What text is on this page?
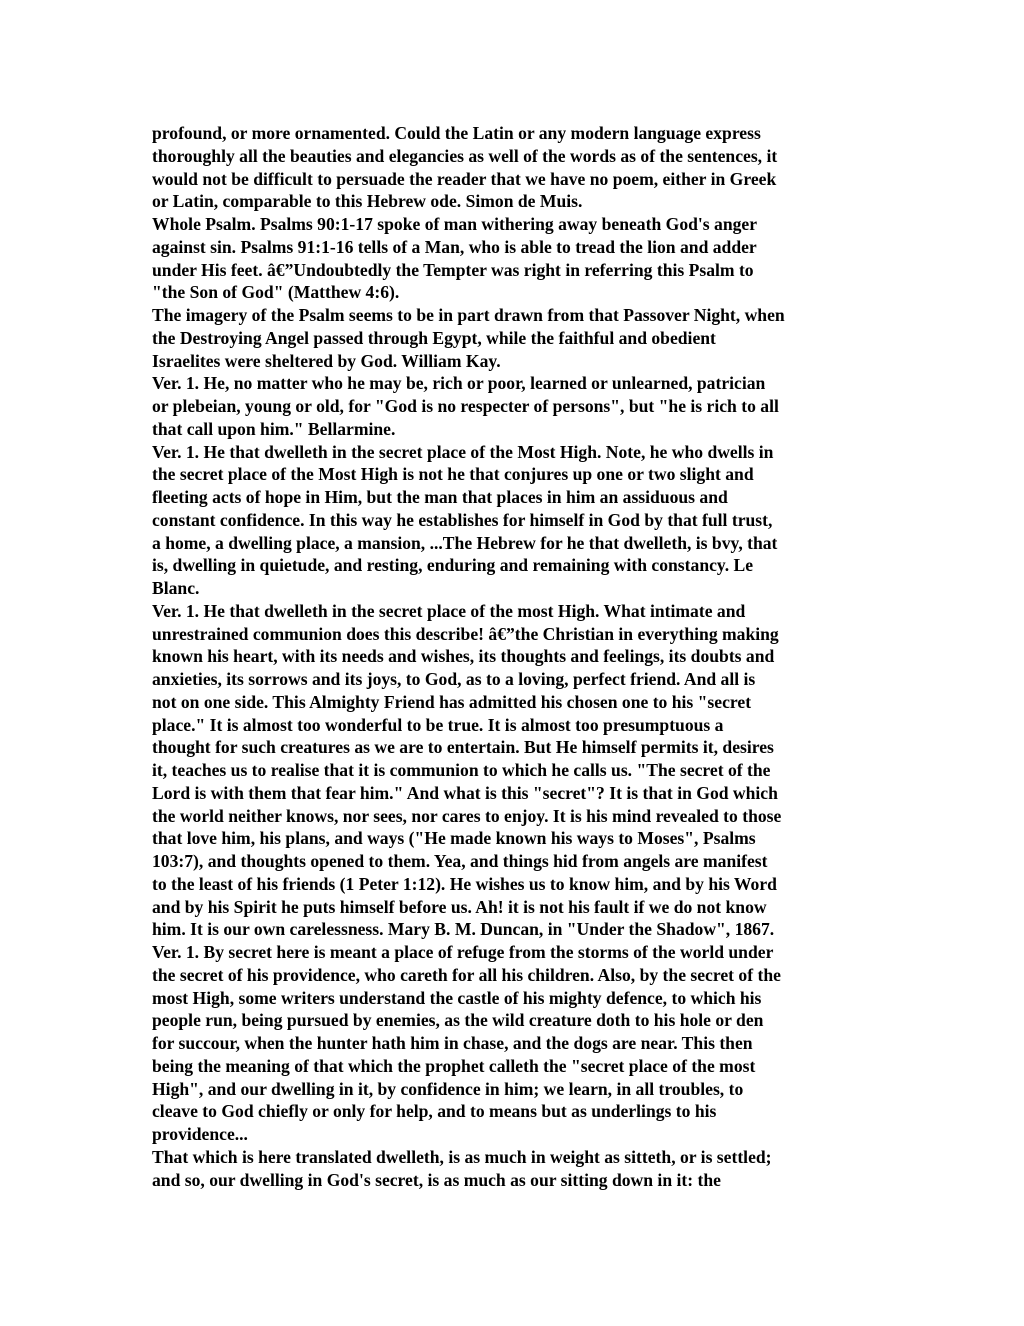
profound, or more ornamented. Could the Latin or any modern language express
thoroughly all the beauties and elegancies as well of the words as of the sentences, it
would not be difficult to persuade the reader that we have no poem, either in Greek
or Latin, comparable to this Hebrew ode. Simon de Muis.
Whole Psalm. Psalms 90:1-17 spoke of man withering away beneath God's anger
against sin. Psalms 91:1-16 tells of a Man, who is able to tread the lion and adder
under His feet. â€”Undoubtedly the Tempter was right in referring this Psalm to
"the Son of God" (Matthew 4:6).
The imagery of the Psalm seems to be in part drawn from that Passover Night, when
the Destroying Angel passed through Egypt, while the faithful and obedient
Israelites were sheltered by God. William Kay.
Ver. 1. He, no matter who he may be, rich or poor, learned or unlearned, patrician
or plebeian, young or old, for "God is no respecter of persons", but "he is rich to all
that call upon him." Bellarmine.
Ver. 1. He that dwelleth in the secret place of the Most High. Note, he who dwells in
the secret place of the Most High is not he that conjures up one or two slight and
fleeting acts of hope in Him, but the man that places in him an assiduous and
constant confidence. In this way he establishes for himself in God by that full trust,
a home, a dwelling place, a mansion, ...The Hebrew for he that dwelleth, is bvy, that
is, dwelling in quietude, and resting, enduring and remaining with constancy. Le
Blanc.
Ver. 1. He that dwelleth in the secret place of the most High. What intimate and
unrestrained communion does this describe! â€”the Christian in everything making
known his heart, with its needs and wishes, its thoughts and feelings, its doubts and
anxieties, its sorrows and its joys, to God, as to a loving, perfect friend. And all is
not on one side. This Almighty Friend has admitted his chosen one to his "secret
place." It is almost too wonderful to be true. It is almost too presumptuous a
thought for such creatures as we are to entertain. But He himself permits it, desires
it, teaches us to realise that it is communion to which he calls us. "The secret of the
Lord is with them that fear him." And what is this "secret"? It is that in God which
the world neither knows, nor sees, nor cares to enjoy. It is his mind revealed to those
that love him, his plans, and ways ("He made known his ways to Moses", Psalms
103:7), and thoughts opened to them. Yea, and things hid from angels are manifest
to the least of his friends (1 Peter 1:12). He wishes us to know him, and by his Word
and by his Spirit he puts himself before us. Ah! it is not his fault if we do not know
him. It is our own carelessness. Mary B. M. Duncan, in "Under the Shadow", 1867.
Ver. 1. By secret here is meant a place of refuge from the storms of the world under
the secret of his providence, who careth for all his children. Also, by the secret of the
most High, some writers understand the castle of his mighty defence, to which his
people run, being pursued by enemies, as the wild creature doth to his hole or den
for succour, when the hunter hath him in chase, and the dogs are near. This then
being the meaning of that which the prophet calleth the "secret place of the most
High", and our dwelling in it, by confidence in him; we learn, in all troubles, to
cleave to God chiefly or only for help, and to means but as underlings to his
providence...
That which is here translated dwelleth, is as much in weight as sitteth, or is settled;
and so, our dwelling in God's secret, is as much as our sitting down in it: the
